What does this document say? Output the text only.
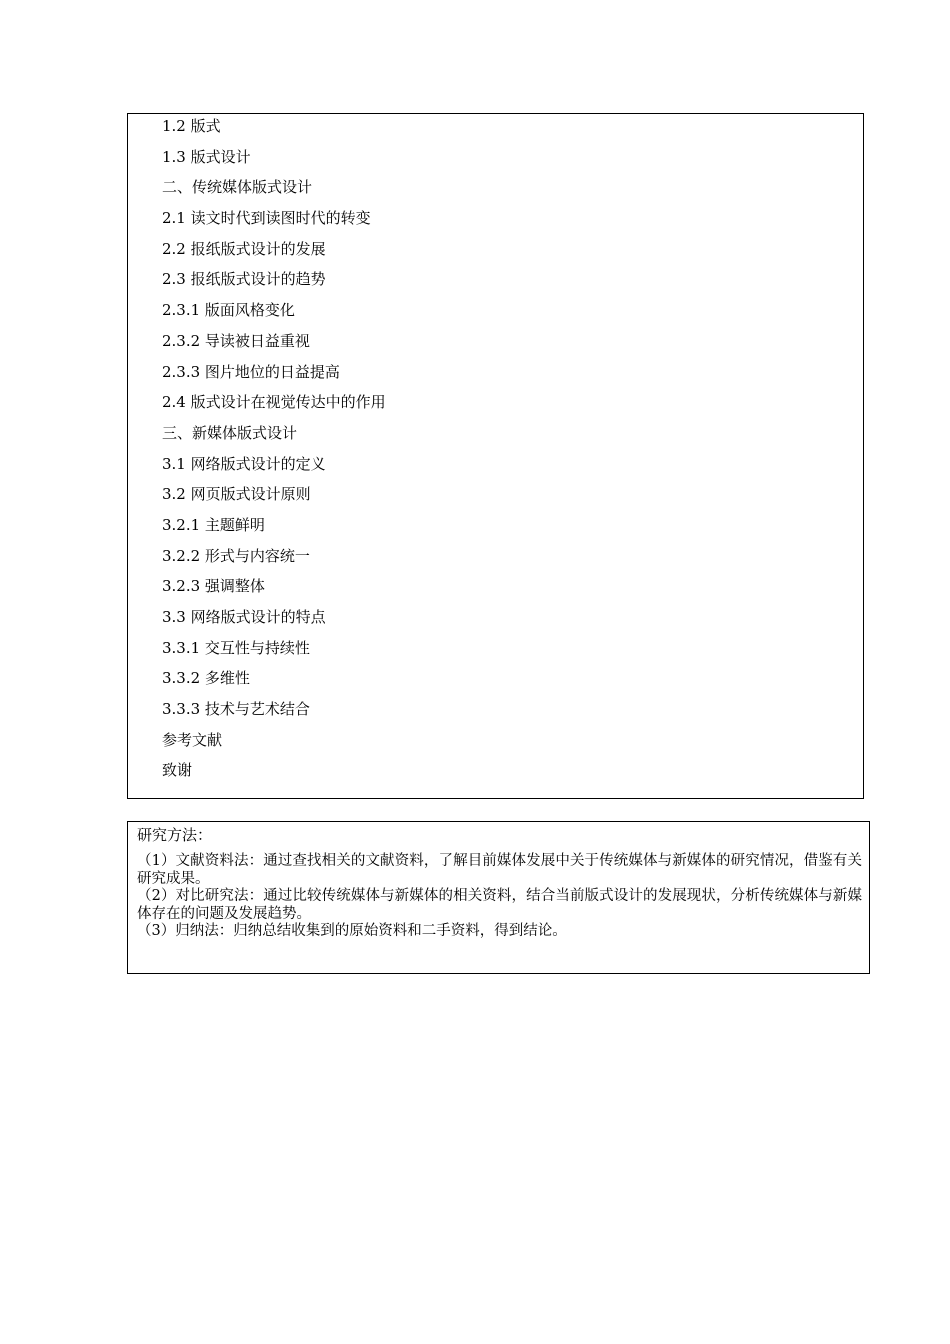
1.2 版式
1.3 版式设计
二、传统媒体版式设计
2.1 读文时代到读图时代的转变
2.2 报纸版式设计的发展
2.3 报纸版式设计的趋势
2.3.1 版面风格变化
2.3.2 导读被日益重视
2.3.3 图片地位的日益提高
2.4 版式设计在视觉传达中的作用
三、新媒体版式设计
3.1 网络版式设计的定义
3.2 网页版式设计原则
3.2.1 主题鲜明
3.2.2 形式与内容统一
3.2.3 强调整体
3.3 网络版式设计的特点
3.3.1 交互性与持续性
3.3.2 多维性
3.3.3 技术与艺术结合
参考文献
致谢
研究方法：

（1）文献资料法：通过查找相关的文献资料，了解目前媒体发展中关于传统媒体与新媒体的研究情况，借鉴有关研究成果。

（2）对比研究法：通过比较传统媒体与新媒体的相关资料，结合当前版式设计的发展现状，分析传统媒体与新媒体存在的问题及发展趋势。

（3）归纳法：归纳总结收集到的原始资料和二手资料，得到结论。
